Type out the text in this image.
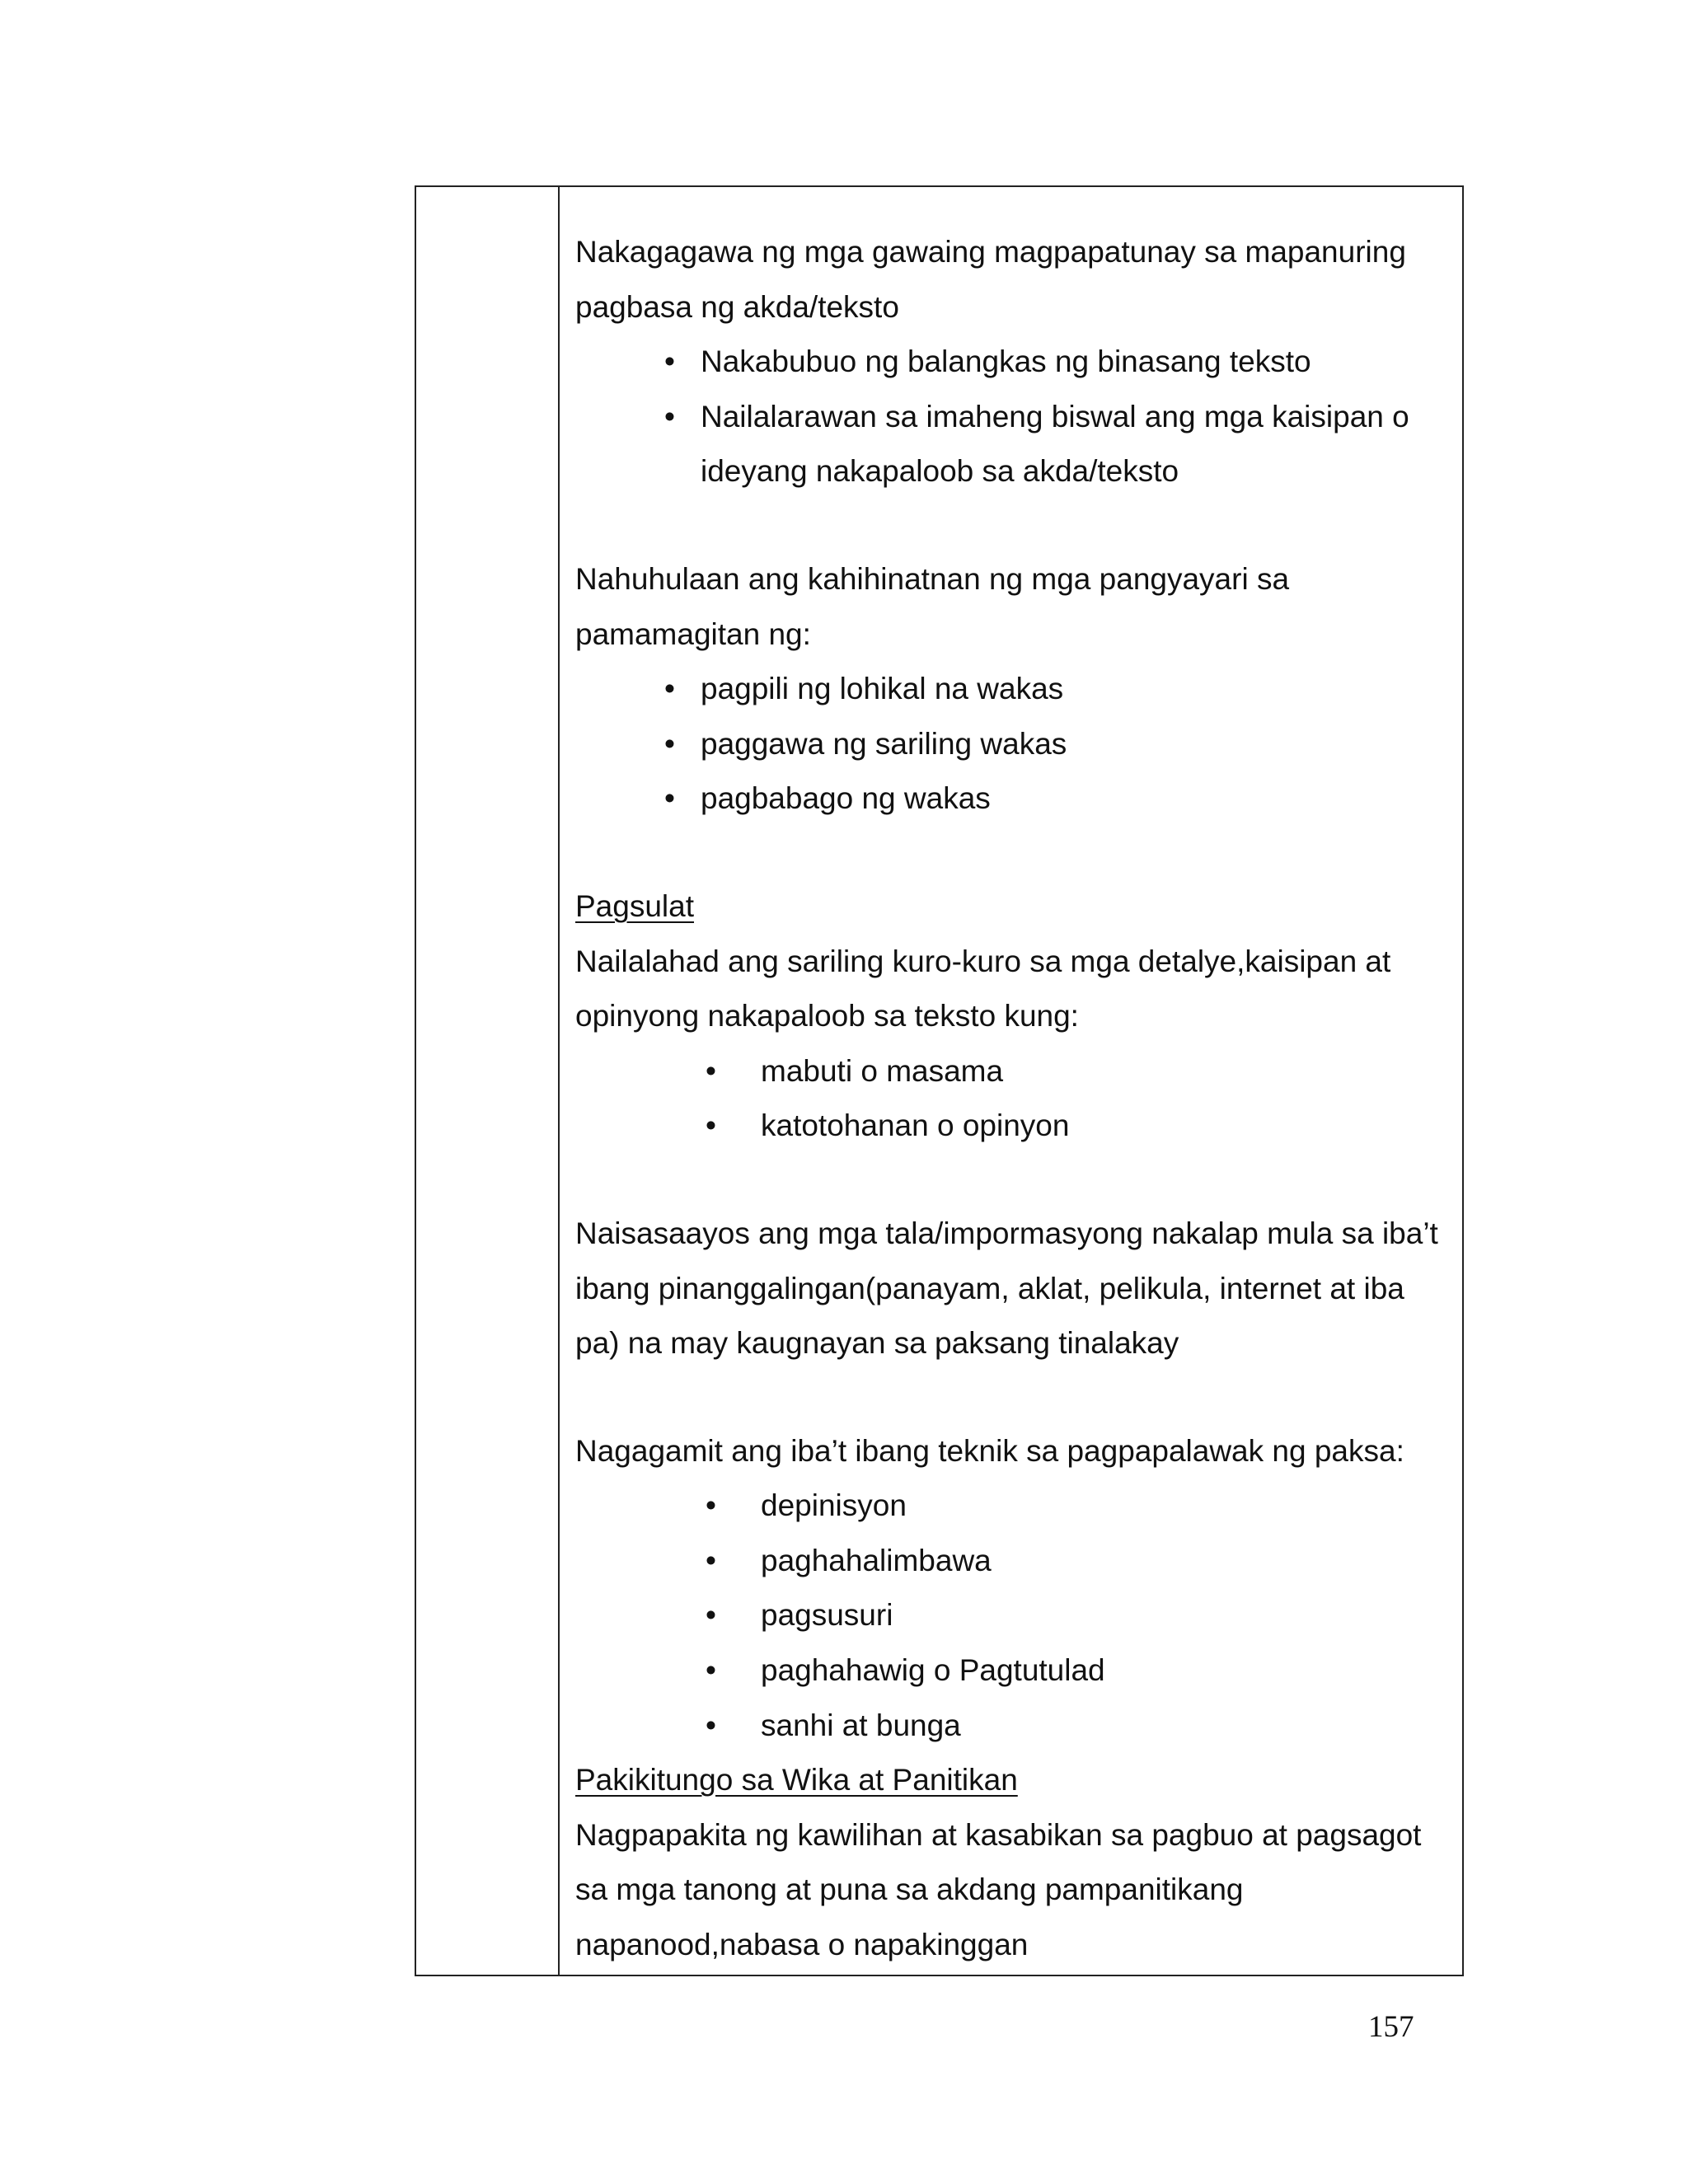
Nakagagawa ng mga gawaing magpapatunay sa mapanuring
pagbasa ng akda/teksto
• Nakabubuo ng balangkas ng binasang teksto
• Nailalarawan sa imaheng biswal ang mga kaisipan o
ideyang nakapaloob sa akda/teksto
Nahuhulaan ang kahihinatnan ng mga pangyayari sa
pamamagitan ng:
• pagpili ng lohikal na wakas
• paggawa ng sariling wakas
• pagbabago ng wakas
Pagsulat
Nailalahad ang sariling kuro-kuro sa mga detalye,kaisipan at
opinyong nakapaloob sa teksto kung:
• mabuti o masama
• katotohanan o opinyon
Naisasaayos ang mga tala/impormasyong nakalap mula sa iba’t
ibang pinanggalingan(panayam, aklat, pelikula, internet at iba
pa) na may kaugnayan sa paksang tinalakay
Nagagamit ang iba’t ibang teknik sa pagpapalawak ng paksa:
• depinisyon
• paghahalimbawa
• pagsusuri
• paghahawig o Pagtutulad
• sanhi at bunga
Pakikitungo sa Wika at Panitikan
Nagpapakita ng kawilihan at kasabikan sa pagbuo at pagsagot
sa mga tanong at puna sa akdang pampanitikang
napanood,nabasa o napakinggan
157
